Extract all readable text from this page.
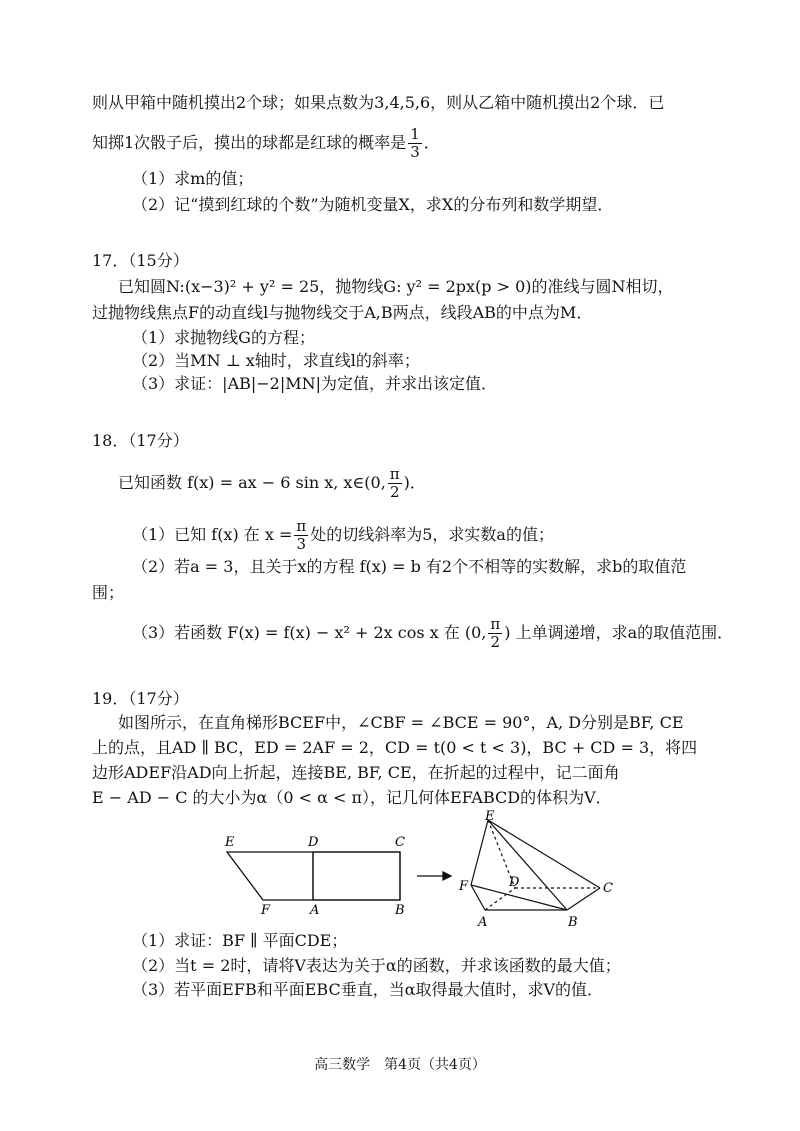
则从甲箱中随机摸出2个球；如果点数为3,4,5,6，则从乙箱中随机摸出2个球．已
知掷1次骰子后，摸出的球都是红球的概率是 $\frac{1}{3}$ ．
（1）求m的值；
（2）记“摸到红球的个数”为随机变量X，求X的分布列和数学期望．
17．（15分）
已知圆N:(x−3)² + y² = 25，抛物线G: y² = 2px(p > 0)的准线与圆N相切，
过抛物线焦点F的动直线l与抛物线交于A,B两点，线段AB的中点为M．
（1）求抛物线G的方程；
（2）当MN ⊥ x轴时，求直线l的斜率；
（3）求证：|AB|−2|MN|为定值，并求出该定值．
18．（17分）
已知函数 f(x) = ax − 6 sin x, x∈(0, $\frac{\pi}{2}$ )．
（1）已知 f(x) 在 $x = \frac{\pi}{3}$ 处的切线斜率为5，求实数a的值；
（2）若a = 3，且关于x的方程 f(x) = b 有2个不相等的实数解，求b的取值范
围；
（3）若函数 F(x) = f(x) − x² + 2x cos x 在 (0, $\frac{\pi}{2}$ ) 上单调递增，求a的取值范围．
19．（17分）
如图所示，在直角梯形BCEF中，∠CBF = ∠BCE = 90°，A, D分别是BF, CE
上的点，且AD ∥ BC，ED = 2AF = 2，CD = t(0 < t < 3)，BC + CD = 3，将四
边形ADEF沿AD向上折起，连接BE, BF, CE，在折起的过程中，记二面角
E − AD − C 的大小为α（0 < α < π），记几何体EFABCD的体积为V．
E	D	C
F	A	B
E
F	D	C
A	B
（1）求证：BF ∥ 平面CDE；
（2）当t = 2时，请将V表达为关于α的函数，并求该函数的最大值；
（3）若平面EFB和平面EBC垂直，当α取得最大值时，求V的值．
高三数学　第4页（共4页）
